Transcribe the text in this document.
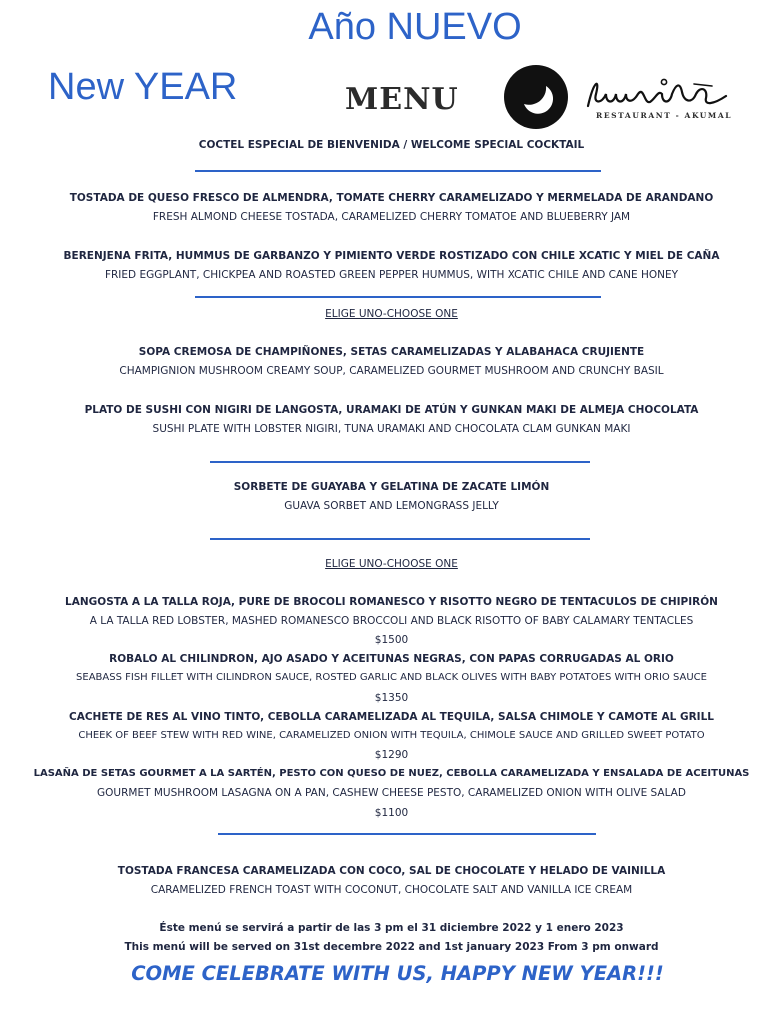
Año NUEVO
New YEAR	MENU	RESTAURANT - AKUMAL
COCTEL ESPECIAL DE BIENVENIDA / WELCOME SPECIAL COCKTAIL
TOSTADA DE QUESO FRESCO DE ALMENDRA, TOMATE CHERRY CARAMELIZADO Y MERMELADA DE ARANDANO
FRESH ALMOND CHEESE TOSTADA, CARAMELIZED CHERRY TOMATOE AND BLUEBERRY JAM
BERENJENA FRITA, HUMMUS DE GARBANZO Y PIMIENTO VERDE ROSTIZADO CON CHILE XCATIC Y MIEL DE CAÑA
FRIED EGGPLANT, CHICKPEA AND ROASTED GREEN PEPPER HUMMUS, WITH XCATIC CHILE AND CANE HONEY
ELIGE UNO-CHOOSE ONE
SOPA CREMOSA DE CHAMPIÑONES, SETAS CARAMELIZADAS Y ALABAHACA CRUJIENTE
CHAMPIGNION MUSHROOM CREAMY SOUP, CARAMELIZED GOURMET MUSHROOM AND CRUNCHY BASIL
PLATO DE SUSHI CON NIGIRI DE LANGOSTA, URAMAKI DE ATÚN Y GUNKAN MAKI DE ALMEJA CHOCOLATA
SUSHI PLATE WITH LOBSTER NIGIRI, TUNA URAMAKI AND CHOCOLATA CLAM GUNKAN MAKI
SORBETE DE GUAYABA Y GELATINA DE ZACATE LIMÓN
GUAVA SORBET AND LEMONGRASS JELLY
ELIGE UNO-CHOOSE ONE
LANGOSTA A LA TALLA ROJA, PURE DE BROCOLI ROMANESCO Y RISOTTO NEGRO DE TENTACULOS DE CHIPIRÓN
A LA TALLA RED LOBSTER, MASHED ROMANESCO BROCCOLI AND BLACK RISOTTO OF BABY CALAMARY TENTACLES
$1500
ROBALO AL CHILINDRON, AJO ASADO Y ACEITUNAS NEGRAS, CON PAPAS CORRUGADAS AL ORIO
SEABASS FISH FILLET WITH CILINDRON SAUCE, ROSTED GARLIC AND BLACK OLIVES WITH BABY POTATOES WITH ORIO SAUCE
$1350
CACHETE DE RES AL VINO TINTO, CEBOLLA CARAMELIZADA AL TEQUILA, SALSA CHIMOLE Y CAMOTE AL GRILL
CHEEK OF BEEF STEW WITH RED WINE, CARAMELIZED ONION WITH TEQUILA, CHIMOLE SAUCE AND GRILLED SWEET POTATO
$1290
LASAÑA DE SETAS GOURMET A LA SARTÉN, PESTO CON QUESO DE NUEZ, CEBOLLA CARAMELIZADA Y ENSALADA DE ACEITUNAS
GOURMET MUSHROOM LASAGNA ON A PAN, CASHEW CHEESE PESTO, CARAMELIZED ONION WITH OLIVE SALAD
$1100
TOSTADA FRANCESA CARAMELIZADA CON COCO, SAL DE CHOCOLATE Y HELADO DE VAINILLA
CARAMELIZED FRENCH TOAST WITH COCONUT, CHOCOLATE SALT AND VANILLA ICE CREAM
Éste menú se servirá a partir de las 3 pm el 31 diciembre 2022 y 1 enero 2023
This menú will be served on 31st decembre 2022 and 1st january 2023 From 3 pm onward
COME CELEBRATE WITH US, HAPPY NEW YEAR!!!
